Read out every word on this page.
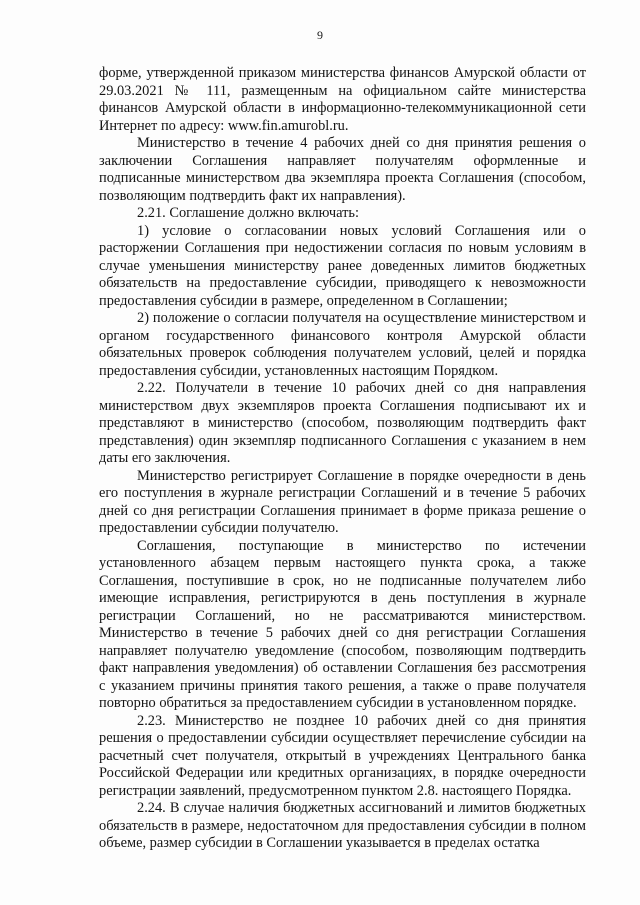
9

форме, утвержденной приказом министерства финансов Амурской области от 29.03.2021 № 111, размещенным на официальном сайте министерства финансов Амурской области в информационно-телекоммуникационной сети Интернет по адресу: www.fin.amurobl.ru.

Министерство в течение 4 рабочих дней со дня принятия решения о заключении Соглашения направляет получателям оформленные и подписанные министерством два экземпляра проекта Соглашения (способом, позволяющим подтвердить факт их направления).

2.21. Соглашение должно включать:

1) условие о согласовании новых условий Соглашения или о расторжении Соглашения при недостижении согласия по новым условиям в случае уменьшения министерству ранее доведенных лимитов бюджетных обязательств на предоставление субсидии, приводящего к невозможности предоставления субсидии в размере, определенном в Соглашении;

2) положение о согласии получателя на осуществление министерством и органом государственного финансового контроля Амурской области обязательных проверок соблюдения получателем условий, целей и порядка предоставления субсидии, установленных настоящим Порядком.

2.22. Получатели в течение 10 рабочих дней со дня направления министерством двух экземпляров проекта Соглашения подписывают их и представляют в министерство (способом, позволяющим подтвердить факт представления) один экземпляр подписанного Соглашения с указанием в нем даты его заключения.

Министерство регистрирует Соглашение в порядке очередности в день его поступления в журнале регистрации Соглашений и в течение 5 рабочих дней со дня регистрации Соглашения принимает в форме приказа решение о предоставлении субсидии получателю.

Соглашения, поступающие в министерство по истечении установленного абзацем первым настоящего пункта срока, а также Соглашения, поступившие в срок, но не подписанные получателем либо имеющие исправления, регистрируются в день поступления в журнале регистрации Соглашений, но не рассматриваются министерством. Министерство в течение 5 рабочих дней со дня регистрации Соглашения направляет получателю уведомление (способом, позволяющим подтвердить факт направления уведомления) об оставлении Соглашения без рассмотрения с указанием причины принятия такого решения, а также о праве получателя повторно обратиться за предоставлением субсидии в установленном порядке.

2.23. Министерство не позднее 10 рабочих дней со дня принятия решения о предоставлении субсидии осуществляет перечисление субсидии на расчетный счет получателя, открытый в учреждениях Центрального банка Российской Федерации или кредитных организациях, в порядке очередности регистрации заявлений, предусмотренном пунктом 2.8. настоящего Порядка.

2.24. В случае наличия бюджетных ассигнований и лимитов бюджетных обязательств в размере, недостаточном для предоставления субсидии в полном объеме, размер субсидии в Соглашении указывается в пределах остатка
